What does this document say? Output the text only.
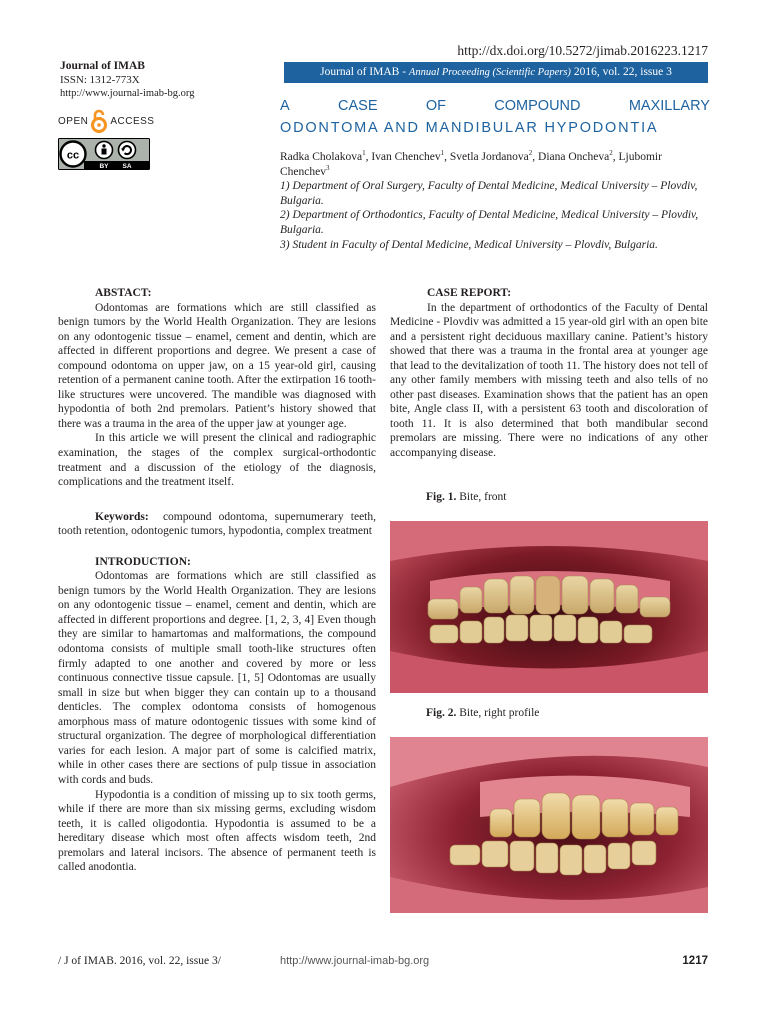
http://dx.doi.org/10.5272/jimab.2016223.1217
Journal of IMAB
ISSN: 1312-773X
http://www.journal-imab-bg.org
OPEN ACCESS
cc
BY SA
Journal of IMAB - Annual Proceeding (Scientific Papers) 2016, vol. 22, issue 3
A	CASE	OF	COMPOUND	MAXILLARY
ODONTOMA AND MANDIBULAR HYPODONTIA
Radka Cholakova$^1$, Ivan Chenchev$^1$, Svetla Jordanova$^2$, Diana Oncheva$^2$, Ljubomir Chenchev$^3$
1) Department of Oral Surgery, Faculty of Dental Medicine, Medical University – Plovdiv, Bulgaria.
2) Department of Orthodontics, Faculty of Dental Medicine, Medical University – Plovdiv, Bulgaria.
3) Student in Faculty of Dental Medicine, Medical University – Plovdiv, Bulgaria.
ABSTACT:

Odontomas are formations which are still classified as benign tumors by the World Health Organization. They are lesions on any odontogenic tissue – enamel, cement and dentin, which are affected in different proportions and degree. We present a case of compound odontoma on upper jaw, on a 15 year-old girl, causing retention of a permanent canine tooth. After the extirpation 16 tooth-like structures were uncovered. The mandible was diagnosed with hypodontia of both 2nd premolars. Patient’s history showed that there was a trauma in the area of the upper jaw at younger age.

In this article we will present the clinical and radiographic examination, the stages of the complex surgical-orthodontic treatment and a discussion of the etiology of the diagnosis, complications and the treatment itself.

Keywords: compound odontoma, supernumerary teeth, tooth retention, odontogenic tumors, hypodontia, complex treatment

INTRODUCTION:

Odontomas are formations which are still classified as benign tumors by the World Health Organization. They are lesions on any odontogenic tissue – enamel, cement and dentin, which are affected in different proportions and degree. [1, 2, 3, 4] Even though they are similar to hamartomas and malformations, the compound odontoma consists of multiple small tooth-like structures often firmly adapted to one another and covered by more or less continuous connective tissue capsule. [1, 5] Odontomas are usually small in size but when bigger they can contain up to a thousand denticles. The complex odontoma consists of homogenous amorphous mass of mature odontogenic tissues with some kind of structural organization. The degree of morphological differentiation varies for each lesion. A major part of some is calcified matrix, while in other cases there are sections of pulp tissue in association with cords and buds.

Hypodontia is a condition of missing up to six tooth germs, while if there are more than six missing germs, excluding wisdom teeth, it is called oligodontia. Hypodontia is assumed to be a hereditary disease which most often affects wisdom teeth, 2nd premolars and lateral incisors. The absence of permanent teeth is called anodontia.

CASE REPORT:

In the department of orthodontics of the Faculty of Dental Medicine - Plovdiv was admitted a 15 year-old girl with an open bite and a persistent right deciduous maxillary canine. Patient’s history showed that there was a trauma in the frontal area at younger age that lead to the devitalization of tooth 11. The history does not tell of any other family members with missing teeth and also tells of no other past diseases. Examination shows that the patient has an open bite, Angle class II, with a persistent 63 tooth and discoloration of tooth 11. It is also determined that both mandibular second premolars are missing. There were no indications of any other accompanying disease.

Fig. 1. Bite, front
Fig. 2. Bite, right profile
/ J of IMAB. 2016, vol. 22, issue 3/	http://www.journal-imab-bg.org	1217
